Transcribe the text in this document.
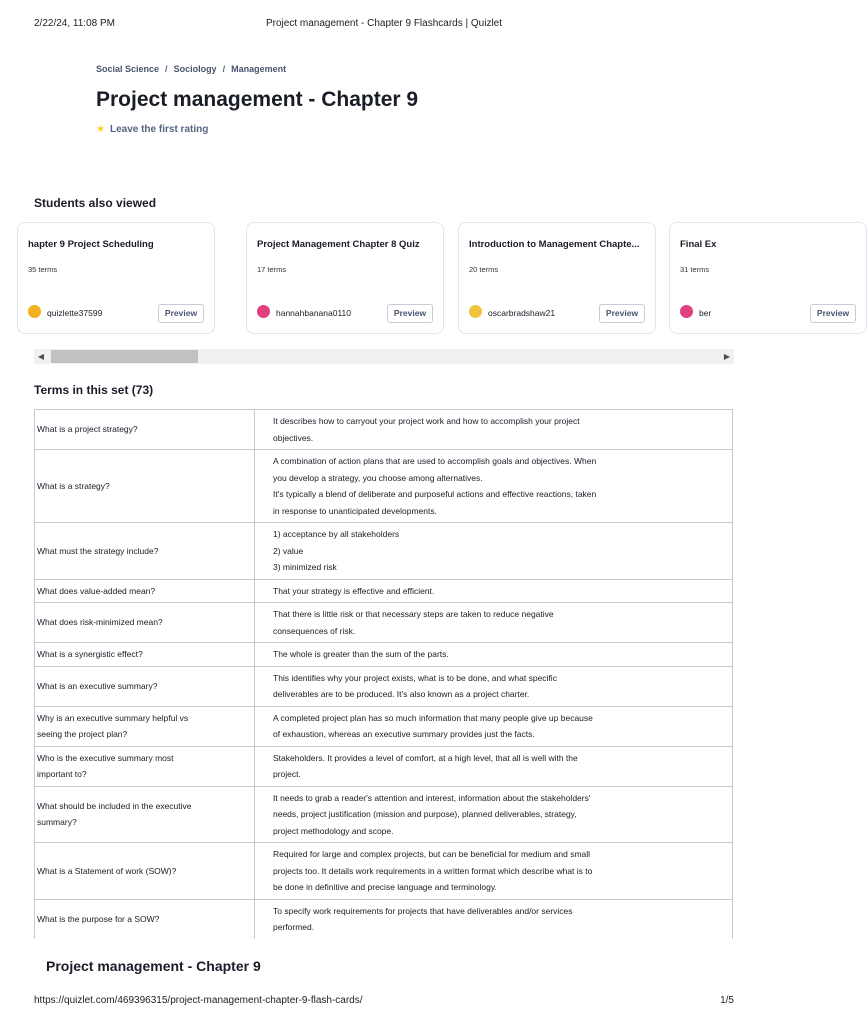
2/22/24, 11:08 PM	Project management - Chapter 9 Flashcards | Quizlet
Social Science / Sociology / Management
Project management - Chapter 9
★ Leave the first rating
Students also viewed
hapter 9 Project Scheduling
35 terms
quizlette37599	Preview
Project Management Chapter 8 Quiz
17 terms
hannahbanana0110	Preview
Introduction to Management Chapte...
20 terms
oscarbradshaw21	Preview
Final Ex
31 terms
ber	Preview
◀	▶
Terms in this set (73)
What is a project strategy?	It describes how to carryout your project work and how to accomplish your project
objectives.
What is a strategy?	A combination of action plans that are used to accomplish goals and objectives. When
you develop a strategy, you choose among alternatives.
It's typically a blend of deliberate and purposeful actions and effective reactions, taken
in response to unanticipated developments.
What must the strategy include?	1) acceptance by all stakeholders
2) value
3) minimized risk
What does value-added mean?	That your strategy is effective and efficient.
What does risk-minimized mean?	That there is little risk or that necessary steps are taken to reduce negative
consequences of risk.
What is a synergistic effect?	The whole is greater than the sum of the parts.
What is an executive summary?	This identifies why your project exists, what is to be done, and what specific
deliverables are to be produced. It's also known as a project charter.
Why is an executive summary helpful vs
seeing the project plan?	A completed project plan has so much information that many people give up because
of exhaustion, whereas an executive summary provides just the facts.
Who is the executive summary most
important to?	Stakeholders. It provides a level of comfort, at a high level, that all is well with the
project.
What should be included in the executive
summary?	It needs to grab a reader's attention and interest, information about the stakeholders'
needs, project justification (mission and purpose), planned deliverables, strategy,
project methodology and scope.
What is a Statement of work (SOW)?	Required for large and complex projects, but can be beneficial for medium and small
projects too. It details work requirements in a written format which describe what is to
be done in definitive and precise language and terminology.
What is the purpose for a SOW?	To specify work requirements for projects that have deliverables and/or services
performed.
Project management - Chapter 9
https://quizlet.com/469396315/project-management-chapter-9-flash-cards/	1/5
